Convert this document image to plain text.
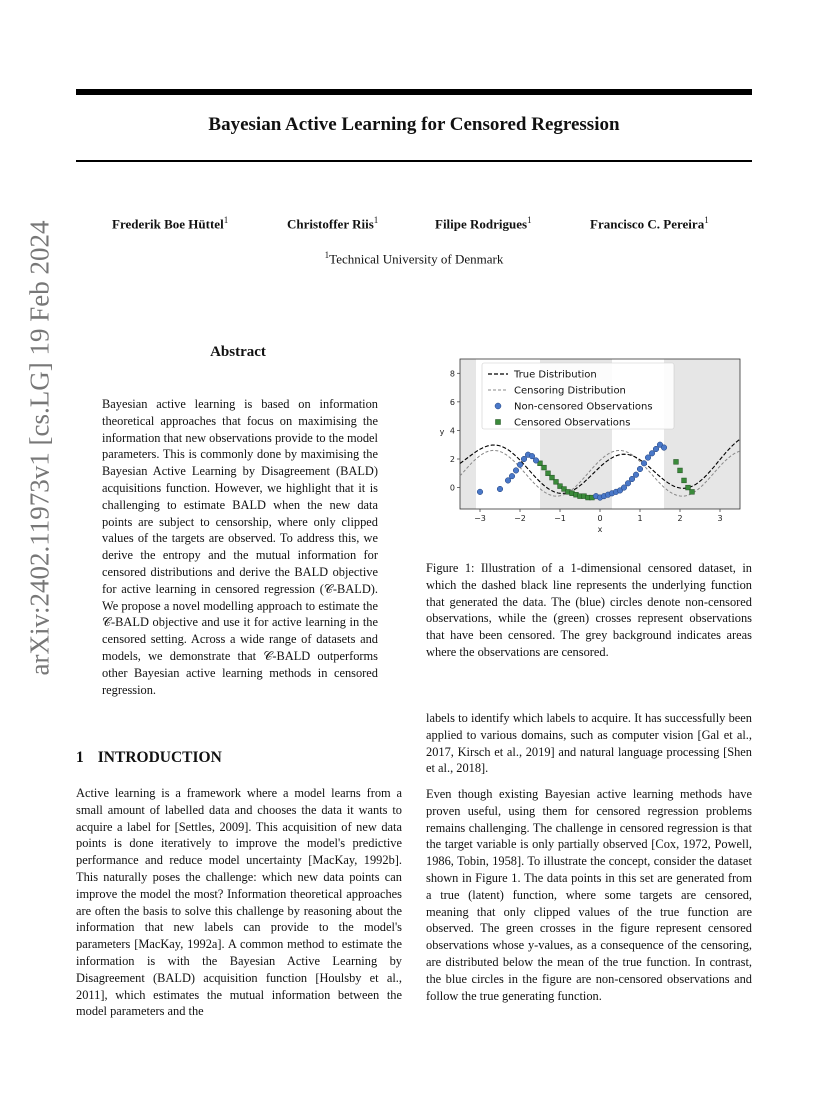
Bayesian Active Learning for Censored Regression
Frederik Boe Hüttel$^1$	Christoffer Riis$^1$	Filipe Rodrigues$^1$	Francisco C. Pereira$^1$
$^1$Technical University of Denmark
arXiv:2402.11973v1 [cs.LG] 19 Feb 2024	Abstract
Bayesian active learning is based on information theoretical approaches that focus on maximising the information that new observations provide to the model parameters. This is commonly done by maximising the Bayesian Active Learning by Disagreement (BALD) acquisitions function. However, we highlight that it is challenging to estimate BALD when the new data points are subject to censorship, where only clipped values of the targets are observed. To address this, we derive the entropy and the mutual information for censored distributions and derive the BALD objective for active learning in censored regression (𝒞-BALD). We propose a novel modelling approach to estimate the 𝒞-BALD objective and use it for active learning in the censored setting. Across a wide range of datasets and models, we demonstrate that 𝒞-BALD outperforms other Bayesian active learning methods in censored regression.
−3	−2	−1	0	1	2	3
0
2
4
6
8
x
y
True Distribution
Censoring Distribution
Non-censored Observations
Censored Observations
Figure 1: Illustration of a 1-dimensional censored dataset, in which the dashed black line represents the underlying function that generated the data. The (blue) circles denote non-censored observations, while the (green) crosses represent observations that have been censored. The grey background indicates areas where the observations are censored.
1 INTRODUCTION
Active learning is a framework where a model learns from a small amount of labelled data and chooses the data it wants to acquire a label for [Settles, 2009]. This acquisition of new data points is done iteratively to improve the model's predictive performance and reduce model uncertainty [MacKay, 1992b]. This naturally poses the challenge: which new data points can improve the model the most? Information theoretical approaches are often the basis to solve this challenge by reasoning about the information that new labels can provide to the model's parameters [MacKay, 1992a]. A common method to estimate the information is with the Bayesian Active Learning by Disagreement (BALD) acquisition function [Houlsby et al., 2011], which estimates the mutual information between the model parameters and the
labels to identify which labels to acquire. It has successfully been applied to various domains, such as computer vision [Gal et al., 2017, Kirsch et al., 2019] and natural language processing [Shen et al., 2018].
Even though existing Bayesian active learning methods have proven useful, using them for censored regression problems remains challenging. The challenge in censored regression is that the target variable is only partially observed [Cox, 1972, Powell, 1986, Tobin, 1958]. To illustrate the concept, consider the dataset shown in Figure 1. The data points in this set are generated from a true (latent) function, where some targets are censored, meaning that only clipped values of the true function are observed. The green crosses in the figure represent censored observations whose y-values, as a consequence of the censoring, are distributed below the mean of the true function. In contrast, the blue circles in the figure are non-censored observations and follow the true generating function.
